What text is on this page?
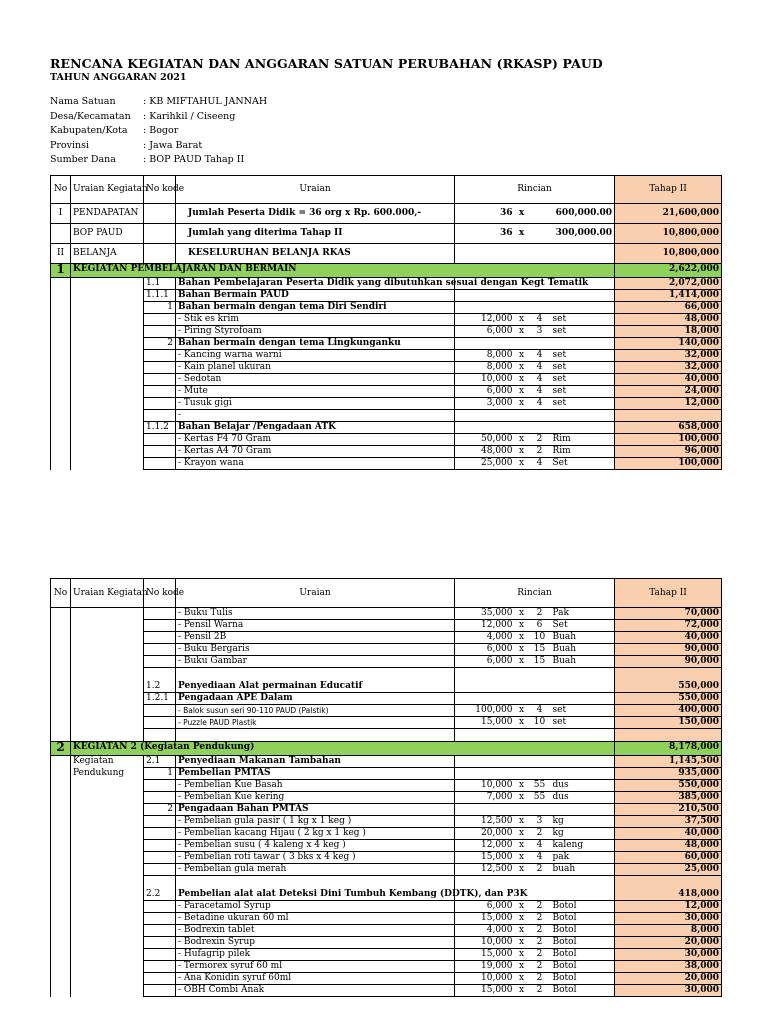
RENCANA KEGIATAN DAN ANGGARAN SATUAN PERUBAHAN (RKASP) PAUD
TAHUN ANGGARAN 2021
Nama Satuan	: KB MIFTAHUL JANNAH
Desa/Kecamatan : Karihkil / Ciseeng
Kabupaten/Kota : Bogor
Provinsi	: Jawa Barat
Sumber Dana	: BOP PAUD Tahap II
No	Uraian Kegiatan	No kode	Uraian	Rincian				Tahap II
I	PENDAPATAN		Jumlah Peserta Didik = 36 org x Rp. 600.000,-	36	x		600,000.00	21,600,000
	BOP PAUD		Jumlah yang diterima Tahap II	36	x		300,000.00	10,800,000
II	BELANJA		KESELURUHAN BELANJA RKAS					10,800,000
1	KEGIATAN PEMBELAJARAN DAN BERMAIN							2,622,000
		1.1	Bahan Pembelajaran Peserta Didik yang dibutuhkan sesuai dengan Kegt Tematik					2,072,000
		1.1.1	Bahan Bermain PAUD					1,414,000
		1	Bahan bermain dengan tema Diri Sendiri					66,000
			- Stik es krim	12,000	x	4	set	48,000
			- Piring Styrofoam	6,000	x	3	set	18,000
		2	Bahan bermain dengan tema Lingkunganku					140,000
			- Kancing warna warni	8,000	x	4	set	32,000
			- Kain planel ukuran	8,000	x	4	set	32,000
			- Sedotan	10,000	x	4	set	40,000
			- Mute	6,000	x	4	set	24,000
			- Tusuk gigi	3,000	x	4	set	12,000
			-					
		1.1.2	Bahan Belajar /Pengadaan ATK					658,000
			- Kertas F4 70 Gram	50,000	x	2	Rim	100,000
			- Kertas A4 70 Gram	48,000	x	2	Rim	96,000
			- Krayon wana	25,000	x	4	Set	100,000
No	Uraian Kegiatan	No kode	Uraian	Rincian				Tahap II
			- Buku Tulis	35,000	x	2	Pak	70,000
			- Pensil Warna	12,000	x	6	Set	72,000
			- Pensil 2B	4,000	x	10	Buah	40,000
			- Buku Bergaris	6,000	x	15	Buah	90,000
			- Buku Gambar	6,000	x	15	Buah	90,000

		1.2	Penyediaan Alat permainan Educatif					550,000
		1.2.1	Pengadaan APE Dalam					550,000
			- Balok susun seri 90-110 PAUD (Palstik)	100,000	x	4	set	400,000
			- Puzzle PAUD Plastik	15,000	x	10	set	150,000

2	KEGIATAN 2 (Kegiatan Pendukung)							8,178,000
	Kegiatan	2.1	Penyediaan Makanan Tambahan					1,145,500
	Pendukung	1	Pembelian PMTAS					935,000
			- Pembelian Kue Basah	10,000	x	55	dus	550,000
			- Pembelian Kue kering	7,000	x	55	dus	385,000
		2	Pengadaan Bahan PMTAS					210,500
			- Pembelian gula pasir ( 1 kg x 1 keg )	12,500	x	3	kg	37,500
			- Pembelian kacang Hijau ( 2 kg x 1 keg )	20,000	x	2	kg	40,000
			- Pembelian susu ( 4 kaleng x 4 keg )	12,000	x	4	kaleng	48,000
			- Pembelian roti tawar ( 3 bks x 4 keg )	15,000	x	4	pak	60,000
			- Pembelian gula merah	12,500	x	2	buah	25,000

		2.2	Pembelian alat alat Deteksi Dini Tumbuh Kembang (DDTK), dan P3K					418,000
			- Paracetamol Syrup	6,000	x	2	Botol	12,000
			- Betadine ukuran 60 ml	15,000	x	2	Botol	30,000
			- Bodrexin tablet	4,000	x	2	Botol	8,000
			- Bodrexin Syrup	10,000	x	2	Botol	20,000
			- Hufagrip pilek	15,000	x	2	Botol	30,000
			- Termorex syruf 60 ml	19,000	x	2	Botol	38,000
			- Ana Konidin syruf 60ml	10,000	x	2	Botol	20,000
			- OBH Combi Anak	15,000	x	2	Botol	30,000
